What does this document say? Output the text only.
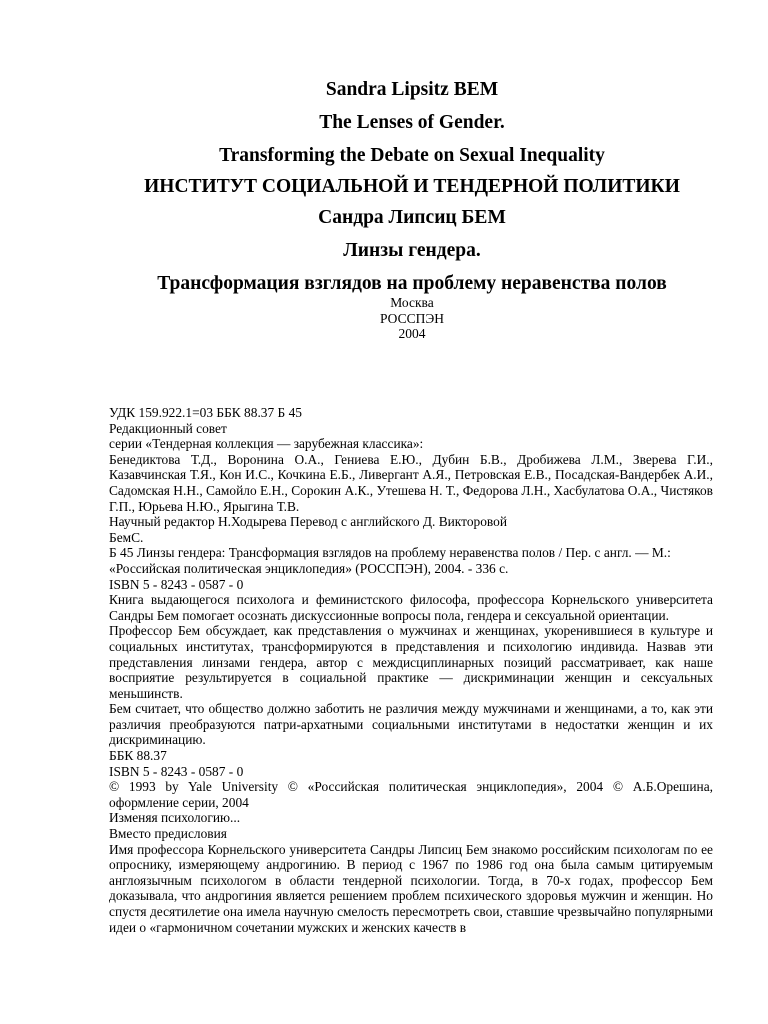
Sandra Lipsitz BEM
The Lenses of Gender.
Transforming the Debate on Sexual Inequality
ИНСТИТУТ СОЦИАЛЬНОЙ И ТЕНДЕРНОЙ ПОЛИТИКИ
Сандра Липсиц БЕМ
Линзы гендера.
Трансформация взглядов на проблему неравенства полов
Москва
РОССПЭН
2004

УДК 159.922.1=03 ББК 88.37 Б 45

Редакционный совет

серии «Тендерная коллекция — зарубежная классика»:

Бенедиктова Т.Д., Воронина О.А., Гениева Е.Ю., Дубин Б.В., Дробижева Л.М., Зверева Г.И., Казавчинская Т.Я., Кон И.С., Кочкина Е.Б., Ливергант А.Я., Петровская Е.В., Посадская-Вандербек А.И., Садомская Н.Н., Самойло Е.Н., Сорокин А.К., Утешева Н. Т., Федорова Л.Н., Хасбулатова О.А., Чистяков Г.П., Юрьева Н.Ю., Ярыгина Т.В.

Научный редактор Н.Ходырева Перевод с английского Д. Викторовой

БемС.

Б 45 Линзы гендера: Трансформация взглядов на проблему неравенства полов / Пер. с англ. — М.: «Российская политическая энциклопедия» (РОССПЭН), 2004. - 336 с.

ISBN 5 - 8243 - 0587 - 0

Книга выдающегося психолога и феминистского философа, профессора Корнельского университета Сандры Бем помогает осознать дискуссионные вопросы пола, гендера и сексуальной ориентации.

Профессор Бем обсуждает, как представления о мужчинах и женщинах, укоренившиеся в культуре и социальных институтах, трансформируются в представления и психологию индивида. Назвав эти представления линзами гендера, автор с междисциплинарных позиций рассматривает, как наше восприятие результируется в социальной практике — дискриминации женщин и сексуальных меньшинств.

Бем считает, что общество должно заботить не различия между мужчинами и женщинами, а то, как эти различия преобразуются патри-архатными социальными институтами в недостатки женщин и их дискриминацию.

ББК 88.37

ISBN 5 - 8243 - 0587 - 0

© 1993 by Yale University © «Российская политическая энциклопедия», 2004 © А.Б.Орешина, оформление серии, 2004

Изменяя психологию...

Вместо предисловия

Имя профессора Корнельского университета Сандры Липсиц Бем знакомо российским психологам по ее опроснику, измеряющему андрогинию. В период с 1967 по 1986 год она была самым цитируемым англоязычным психологом в области тендерной психологии. Тогда, в 70-х годах, профессор Бем доказывала, что андрогиния является решением проблем психического здоровья мужчин и женщин. Но спустя десятилетие она имела научную смелость пересмотреть свои, ставшие чрезвычайно популярными идеи о «гармоничном сочетании мужских и женских качеств в
